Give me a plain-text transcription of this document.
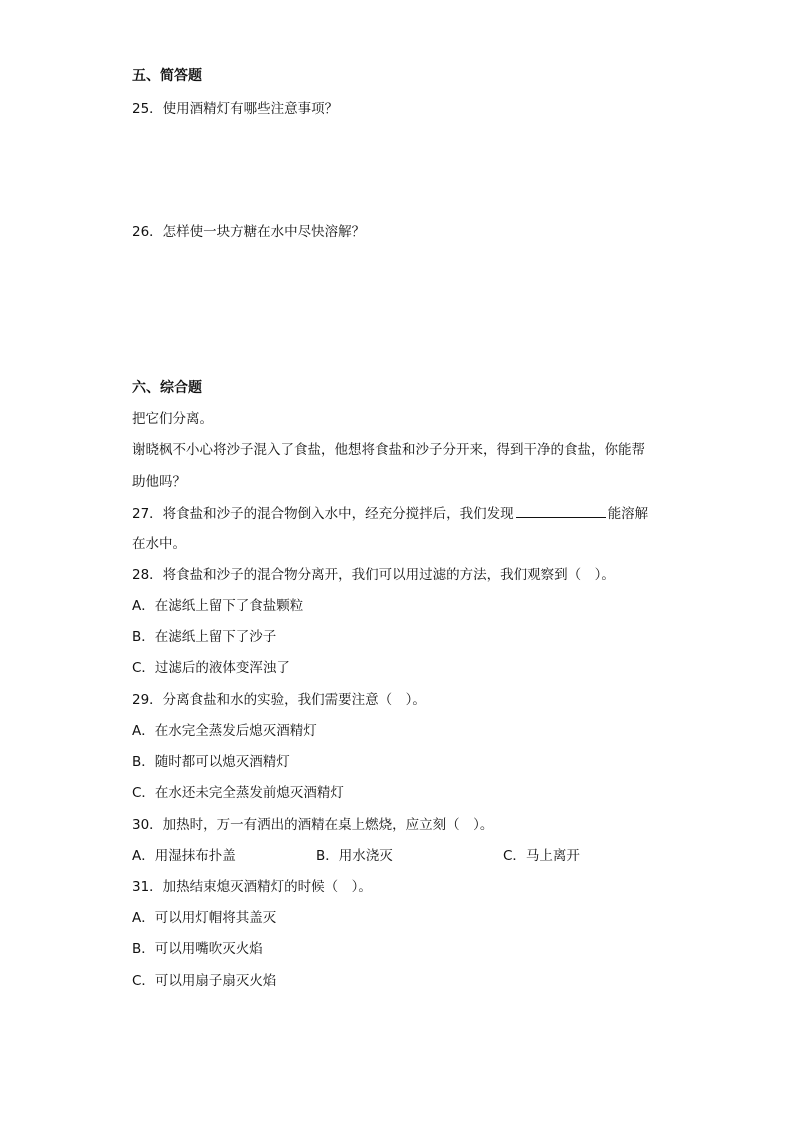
五、简答题
25．使用酒精灯有哪些注意事项？
26．怎样使一块方糖在水中尽快溶解？
六、综合题
把它们分离。
谢晓枫不小心将沙子混入了食盐，他想将食盐和沙子分开来，得到干净的食盐，你能帮
助他吗？
27．将食盐和沙子的混合物倒入水中，经充分搅拌后，我们发现	能溶解
在水中。
28．将食盐和沙子的混合物分离开，我们可以用过滤的方法，我们观察到（　）。
A．在滤纸上留下了食盐颗粒
B．在滤纸上留下了沙子
C．过滤后的液体变浑浊了
29．分离食盐和水的实验，我们需要注意（　）。
A．在水完全蒸发后熄灭酒精灯
B．随时都可以熄灭酒精灯
C．在水还未完全蒸发前熄灭酒精灯
30．加热时，万一有洒出的酒精在桌上燃烧，应立刻（　）。
A．用湿抹布扑盖	B．用水浇灭	C．马上离开
31．加热结束熄灭酒精灯的时候（　）。
A．可以用灯帽将其盖灭
B．可以用嘴吹灭火焰
C．可以用扇子扇灭火焰
